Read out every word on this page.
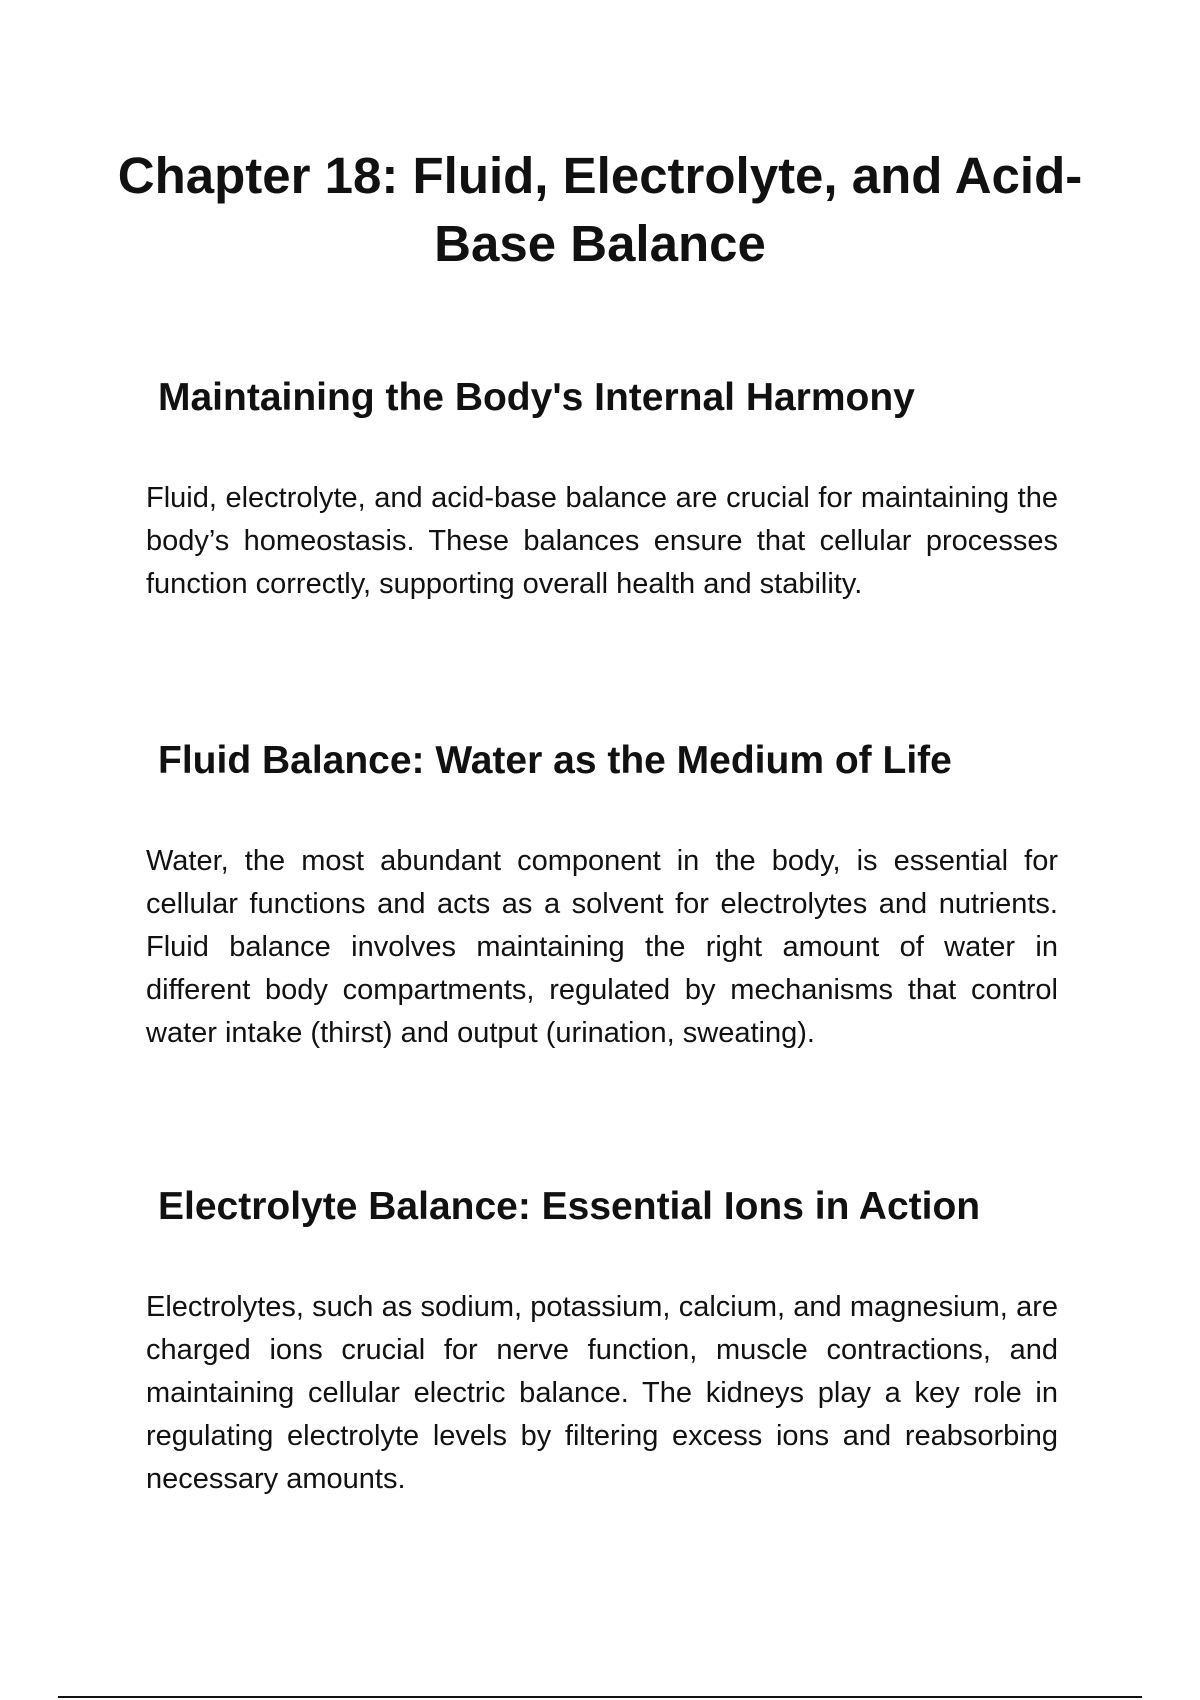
Chapter 18: Fluid, Electrolyte, and Acid-Base Balance
Maintaining the Body's Internal Harmony

Fluid, electrolyte, and acid-base balance are crucial for maintaining the body’s homeostasis. These balances ensure that cellular processes function correctly, supporting overall health and stability.

Fluid Balance: Water as the Medium of Life

Water, the most abundant component in the body, is essential for cellular functions and acts as a solvent for electrolytes and nutrients. Fluid balance involves maintaining the right amount of water in different body compartments, regulated by mechanisms that control water intake (thirst) and output (urination, sweating).

Electrolyte Balance: Essential Ions in Action

Electrolytes, such as sodium, potassium, calcium, and magnesium, are charged ions crucial for nerve function, muscle contractions, and maintaining cellular electric balance. The kidneys play a key role in regulating electrolyte levels by filtering excess ions and reabsorbing necessary amounts.
